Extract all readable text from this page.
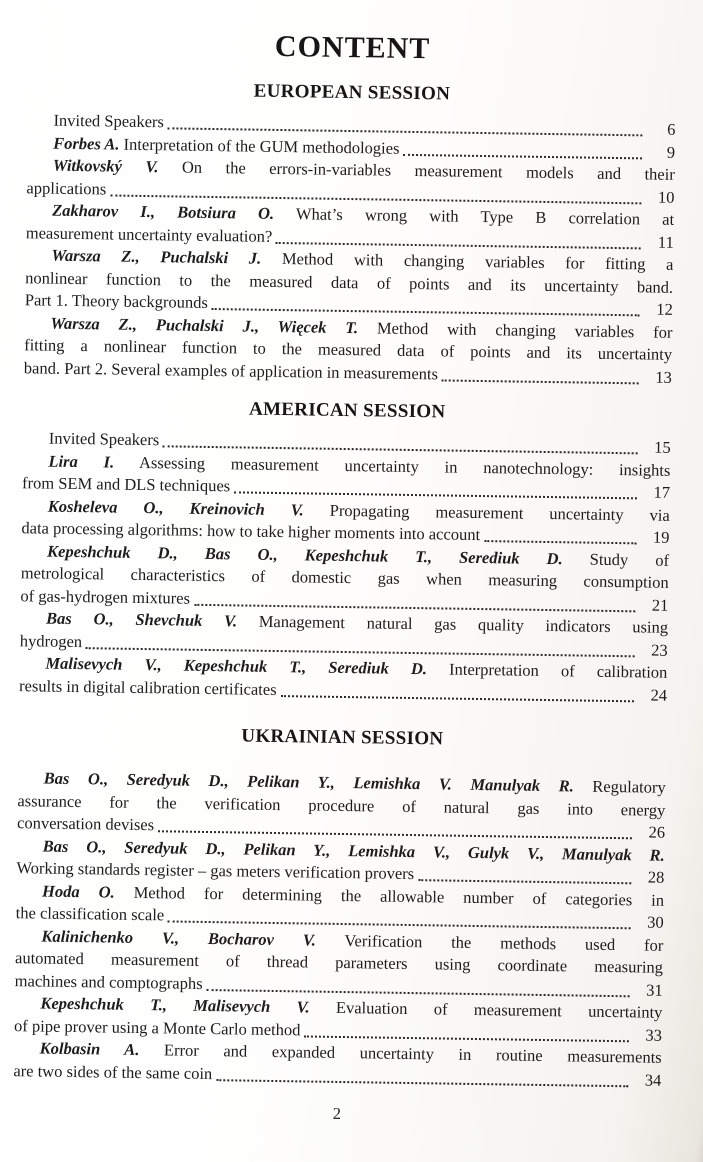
CONTENT
EUROPEAN SESSION
Invited Speakers	6
Forbes A. Interpretation of the GUM methodologies	9
Witkovský V. On the errors-in-variables measurement models and their
applications	10
Zakharov I., Botsiura O. What’s wrong with Type B correlation at
measurement uncertainty evaluation?	11
Warsza Z., Puchalski J. Method with changing variables for fitting a
nonlinear function to the measured data of points and its uncertainty band.
Part 1. Theory backgrounds	12
Warsza Z., Puchalski J., Więcek T. Method with changing variables for
fitting a nonlinear function to the measured data of points and its uncertainty
band. Part 2. Several examples of application in measurements	13
AMERICAN SESSION
Invited Speakers	15
Lira I. Assessing measurement uncertainty in nanotechnology: insights
from SEM and DLS techniques	17
Kosheleva O., Kreinovich V. Propagating measurement uncertainty via
data processing algorithms: how to take higher moments into account	19
Kepeshchuk D., Bas O., Kepeshchuk T., Serediuk D. Study of
metrological characteristics of domestic gas when measuring consumption
of gas-hydrogen mixtures	21
Bas O., Shevchuk V. Management natural gas quality indicators using
hydrogen	23
Malisevych V., Kepeshchuk T., Serediuk D. Interpretation of calibration
results in digital calibration certificates	24
UKRAINIAN SESSION
Bas O., Seredyuk D., Pelikan Y., Lemishka V. Manulyak R. Regulatory
assurance for the verification procedure of natural gas into energy
conversation devises	26
Bas O., Seredyuk D., Pelikan Y., Lemishka V., Gulyk V., Manulyak R.
Working standards register – gas meters verification provers	28
Hoda O. Method for determining the allowable number of categories in
the classification scale	30
Kalinichenko V., Bocharov V. Verification the methods used for
automated measurement of thread parameters using coordinate measuring
machines and comptographs	31
Kepeshchuk T., Malisevych V. Evaluation of measurement uncertainty
of pipe prover using a Monte Carlo method	33
Kolbasin A. Error and expanded uncertainty in routine measurements
are two sides of the same coin	34
2
